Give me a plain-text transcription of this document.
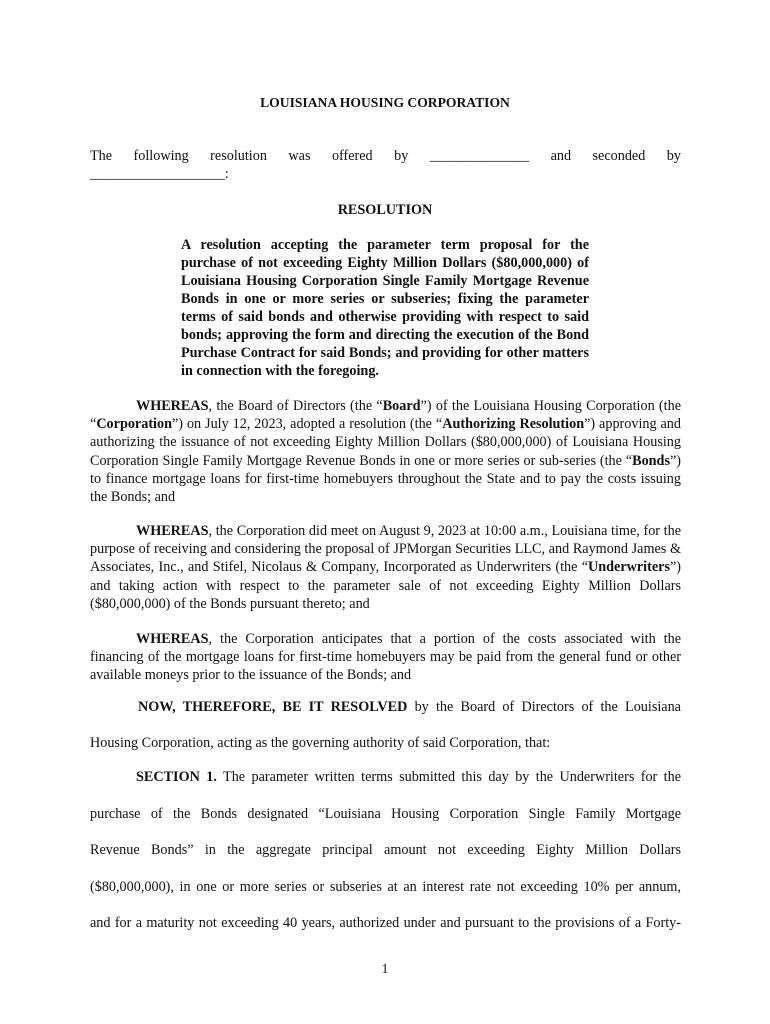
LOUISIANA HOUSING CORPORATION
The following resolution was offered by ______________ and seconded by
___________________:
RESOLUTION
A resolution accepting the parameter term proposal for the purchase of not exceeding Eighty Million Dollars ($80,000,000) of Louisiana Housing Corporation Single Family Mortgage Revenue Bonds in one or more series or subseries; fixing the parameter terms of said bonds and otherwise providing with respect to said bonds; approving the form and directing the execution of the Bond Purchase Contract for said Bonds; and providing for other matters in connection with the foregoing.

WHEREAS, the Board of Directors (the “Board”) of the Louisiana Housing Corporation (the “Corporation”) on July 12, 2023, adopted a resolution (the “Authorizing Resolution”) approving and authorizing the issuance of not exceeding Eighty Million Dollars ($80,000,000) of Louisiana Housing Corporation Single Family Mortgage Revenue Bonds in one or more series or sub-series (the “Bonds”) to finance mortgage loans for first-time homebuyers throughout the State and to pay the costs issuing the Bonds; and

WHEREAS, the Corporation did meet on August 9, 2023 at 10:00 a.m., Louisiana time, for the purpose of receiving and considering the proposal of JPMorgan Securities LLC, and Raymond James & Associates, Inc., and Stifel, Nicolaus & Company, Incorporated as Underwriters (the “Underwriters”) and taking action with respect to the parameter sale of not exceeding Eighty Million Dollars ($80,000,000) of the Bonds pursuant thereto; and

WHEREAS, the Corporation anticipates that a portion of the costs associated with the financing of the mortgage loans for first-time homebuyers may be paid from the general fund or other available moneys prior to the issuance of the Bonds; and

NOW, THEREFORE, BE IT RESOLVED by the Board of Directors of the Louisiana
Housing Corporation, acting as the governing authority of said Corporation, that:
SECTION 1. The parameter written terms submitted this day by the Underwriters for the
purchase of the Bonds designated “Louisiana Housing Corporation Single Family Mortgage
Revenue Bonds” in the aggregate principal amount not exceeding Eighty Million Dollars
($80,000,000), in one or more series or subseries at an interest rate not exceeding 10% per annum,
and for a maturity not exceeding 40 years, authorized under and pursuant to the provisions of a Forty-
1
